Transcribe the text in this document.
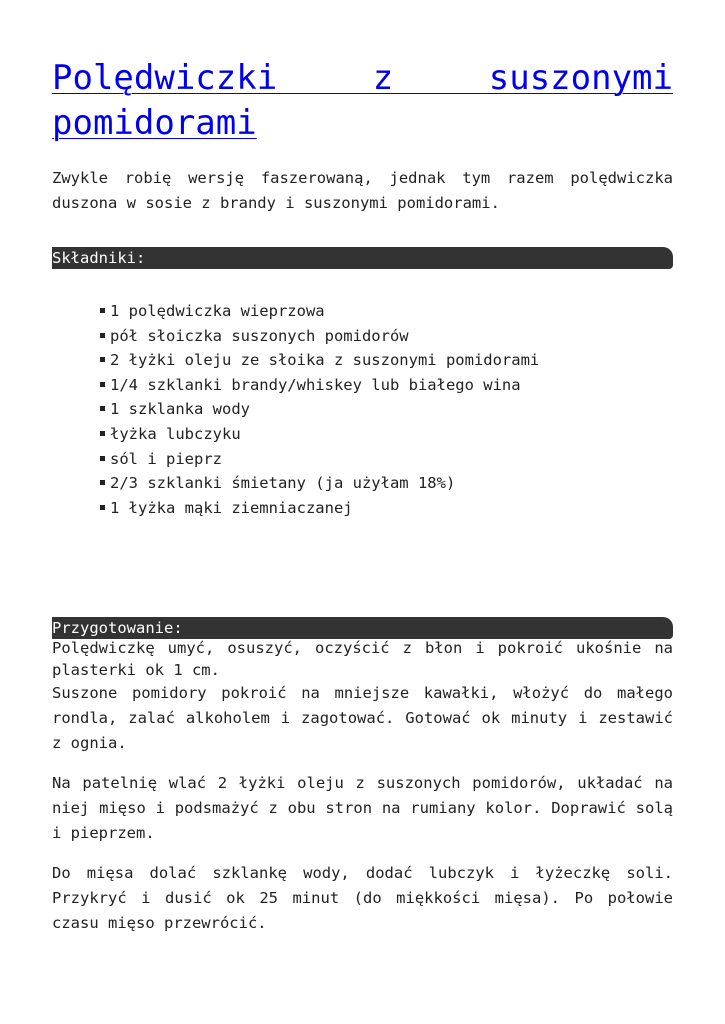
Polędwiczki z suszonymi pomidorami

Zwykle robię wersję faszerowaną, jednak tym razem polędwiczka duszona w sosie z brandy i suszonymi pomidorami.

Składniki:
1 polędwiczka wieprzowa
pół słoiczka suszonych pomidorów
2 łyżki oleju ze słoika z suszonymi pomidorami
1/4 szklanki brandy/whiskey lub białego wina
1 szklanka wody
łyżka lubczyku
sól i pieprz
2/3 szklanki śmietany (ja użyłam 18%)
1 łyżka mąki ziemniaczanej
Przygotowanie:

Polędwiczkę umyć, osuszyć, oczyścić z błon i pokroić ukośnie na plasterki ok 1 cm.

Suszone pomidory pokroić na mniejsze kawałki, włożyć do małego rondla, zalać alkoholem i zagotować. Gotować ok minuty i zestawić z ognia.

Na patelnię wlać 2 łyżki oleju z suszonych pomidorów, układać na niej mięso i podsmażyć z obu stron na rumiany kolor. Doprawić solą i pieprzem.

Do mięsa dolać szklankę wody, dodać lubczyk i łyżeczkę soli. Przykryć i dusić ok 25 minut (do miękkości mięsa). Po połowie czasu mięso przewrócić.
